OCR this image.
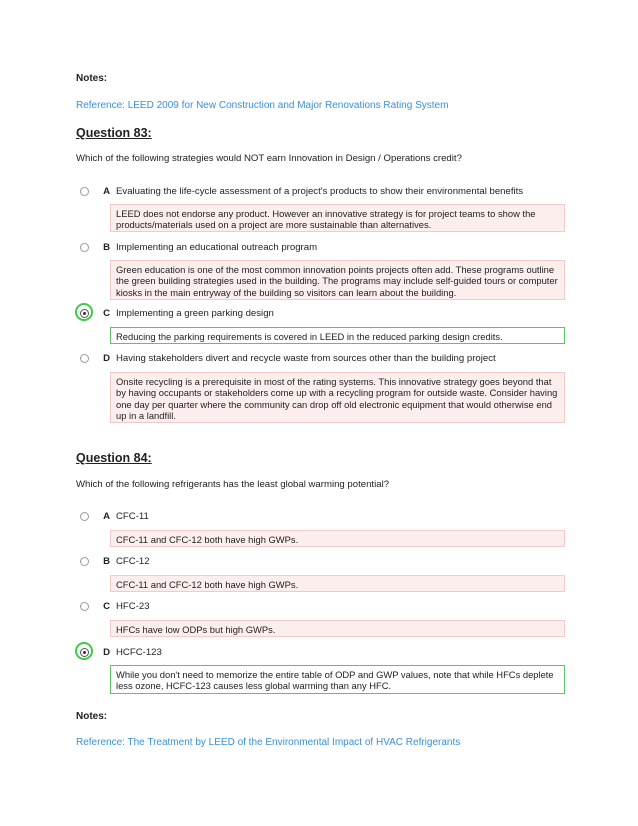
Notes:
Reference: LEED 2009 for New Construction and Major Renovations Rating System
Question 83:
Which of the following strategies would NOT earn Innovation in Design / Operations credit?
A Evaluating the life-cycle assessment of a project's products to show their environmental benefits
LEED does not endorse any product. However an innovative strategy is for project teams to show the products/materials used on a project are more sustainable than alternatives.
B Implementing an educational outreach program
Green education is one of the most common innovation points projects often add. These programs outline the green building strategies used in the building. The programs may include self-guided tours or computer kiosks in the main entryway of the building so visitors can learn about the building.
C Implementing a green parking design
Reducing the parking requirements is covered in LEED in the reduced parking design credits.
D Having stakeholders divert and recycle waste from sources other than the building project
Onsite recycling is a prerequisite in most of the rating systems. This innovative strategy goes beyond that by having occupants or stakeholders come up with a recycling program for outside waste. Consider having one day per quarter where the community can drop off old electronic equipment that would otherwise end up in a landfill.
Question 84:
Which of the following refrigerants has the least global warming potential?
A CFC-11
CFC-11 and CFC-12 both have high GWPs.
B CFC-12
CFC-11 and CFC-12 both have high GWPs.
C HFC-23
HFCs have low ODPs but high GWPs.
D HCFC-123
While you don't need to memorize the entire table of ODP and GWP values, note that while HFCs deplete less ozone, HCFC-123 causes less global warming than any HFC.
Notes:
Reference: The Treatment by LEED of the Environmental Impact of HVAC Refrigerants
